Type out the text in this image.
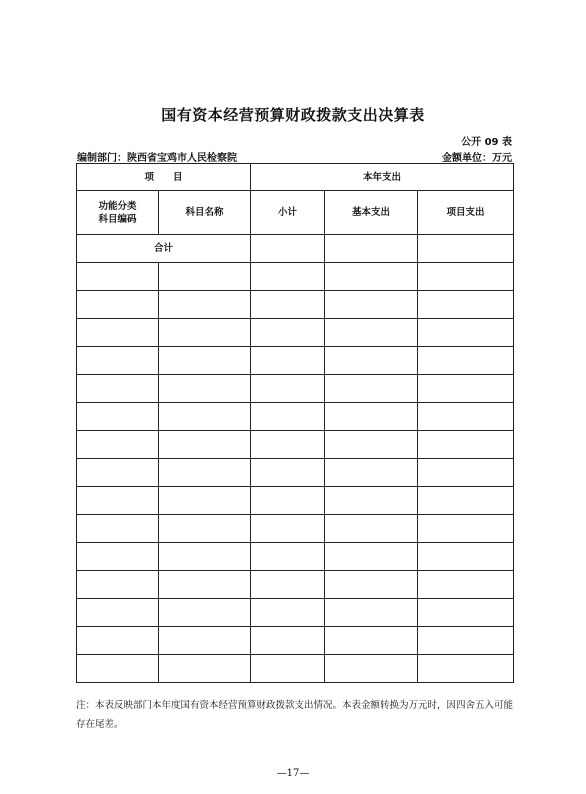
国有资本经营预算财政拨款支出决算表
公开 09 表
编制部门：陕西省宝鸡市人民检察院	金额单位：万元
项　　目		本年支出		
功能分类
科目编码	科目名称	小计	基本支出	项目支出
合计				

注：本表反映部门本年度国有资本经营预算财政拨款支出情况。本表金额转换为万元时，因四舍五入可能存在尾差。
—17—
